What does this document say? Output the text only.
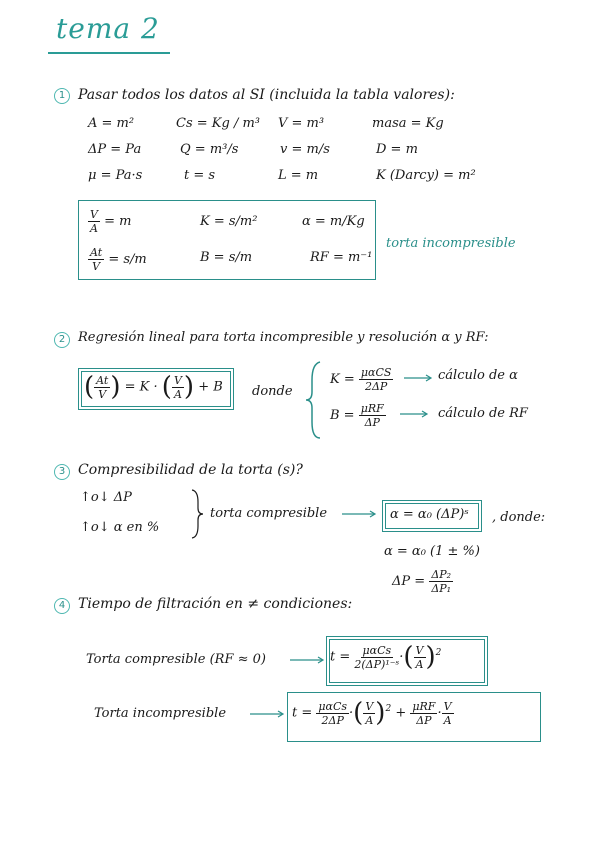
tema 2
1 Pasar todos los datos al SI (incluida la tabla valores):
A = m²	Cs = Kg / m³ V = m³	masa = Kg
ΔP = Pa	Q = m³/s	v = m/s	D = m
μ = Pa·s	t = s	L = m	K (Darcy) = m²
$\frac{V}{A} = m$	K = s/m²	α = m/Kg
$\frac{At}{V} = s/m$	B = s/m	RF = m⁻¹
torta incompresible
2 Regresión lineal para torta incompresible y resolución α y RF:
( $\frac{At}{V}$ ) = K · ( $\frac{V}{A}$ ) + B donde
$K = \frac{\text{μαCS}}{2\Delta P}$	cálculo de α
$B = \frac{\text{μRF}}{\Delta P}$	cálculo de RF
3 Compresibilidad de la torta (s)?
↑o↓ ΔP
↑o↓ α en %
torta compresible	α = α₀ (ΔP)ˢ , donde:
α = α₀ (1 ± %)
$\Delta P = \frac{\text{ΔP₂}}{\text{ΔP₁}}$
4 Tiempo de filtración en ≠ condiciones:
Torta compresible (RF ≈ 0)	$t = \frac{\text{μαCs}}{\text{2(ΔP)¹⁻ˢ}}$ ·( $\frac{V}{A} )^2$
Torta incompresible	$t = \frac{\text{μαCs}}{2\Delta P}$ ·( $\frac{V}{A} )^2 + \frac{\text{μRF}}{\Delta P} \cdot \frac{V}{A}$
